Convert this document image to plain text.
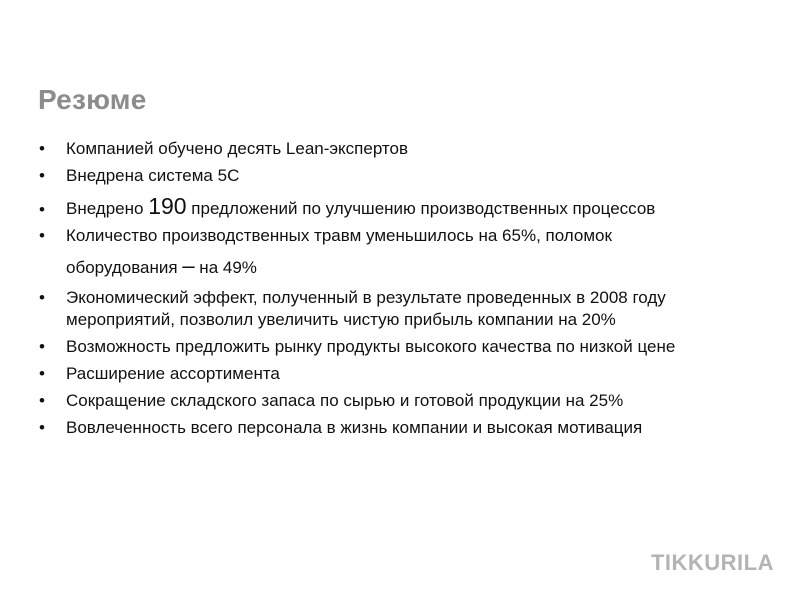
Резюме
• Компанией обучено десять Lean-экспертов
• Внедрена система 5С
• Внедрено 190 предложений по улучшению производственных процессов
• Количество производственных травм уменьшилось на 65%, поломок
оборудования – на 49%
• Экономический эффект, полученный в результате проведенных в 2008 году мероприятий, позволил увеличить чистую прибыль компании на 20%
• Возможность предложить рынку продукты высокого качества по низкой цене
• Расширение ассортимента
• Сокращение складского запаса по сырью и готовой продукции на 25%
• Вовлеченность всего персонала в жизнь компании и высокая мотивация
TIKKURILA
